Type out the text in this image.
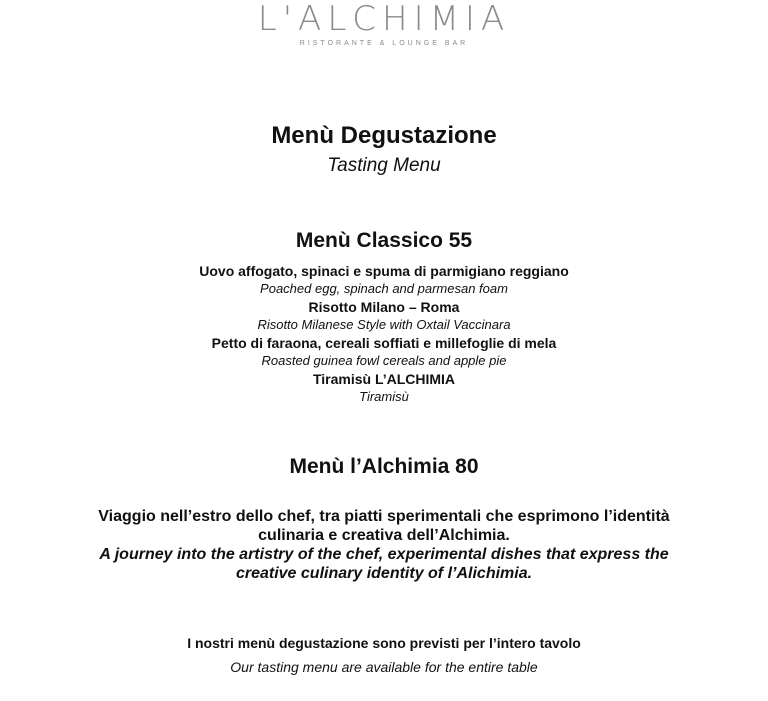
L'ALCHIMIA
RISTORANTE & LOUNGE BAR
Menù Degustazione
Tasting Menu
Menù Classico 55
Uovo affogato, spinaci e spuma di parmigiano reggiano
Poached egg, spinach and parmesan foam
Risotto Milano – Roma
Risotto Milanese Style with Oxtail Vaccinara
Petto di faraona, cereali soffiati e millefoglie di mela
Roasted guinea fowl cereals and apple pie
Tiramisù L’ALCHIMIA
Tiramisù
Menù l’Alchimia 80
Viaggio nell’estro dello chef, tra piatti sperimentali che esprimono l’identità
culinaria e creativa dell’Alchimia.
A journey into the artistry of the chef, experimental dishes that express the
creative culinary identity of l’Alichimia.
I nostri menù degustazione sono previsti per l’intero tavolo
Our tasting menu are available for the entire table
